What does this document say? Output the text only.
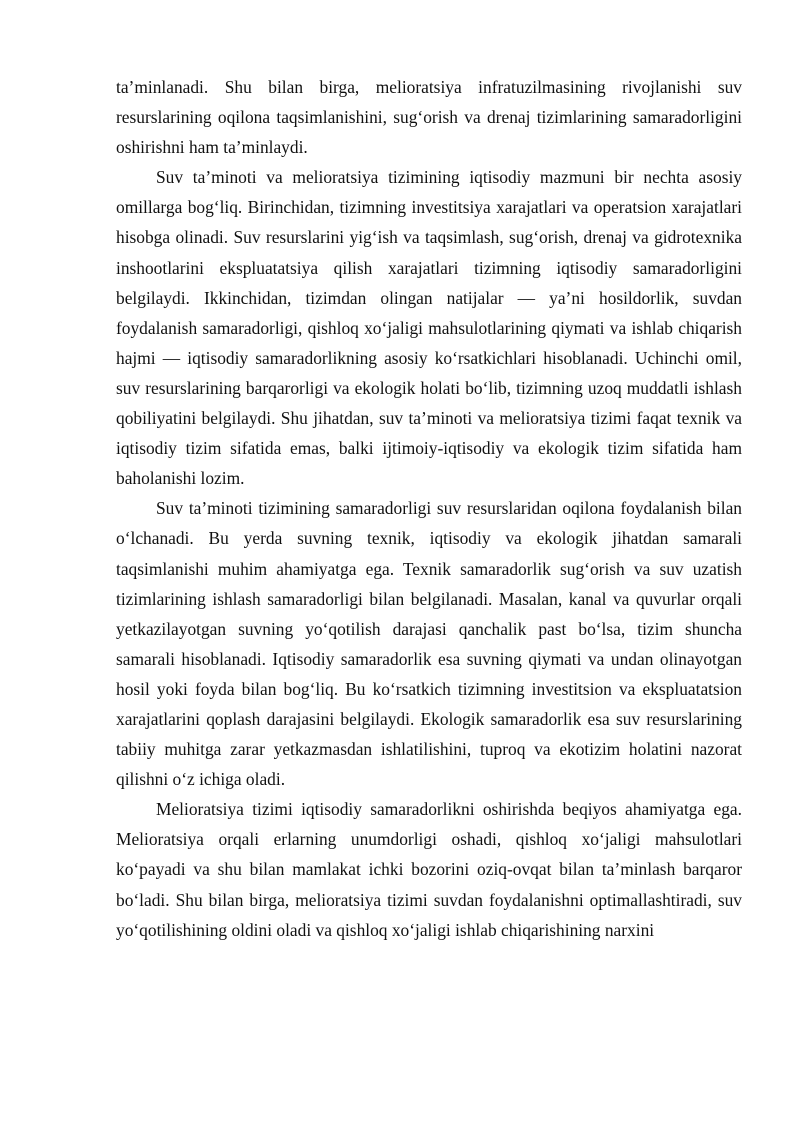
ta’minlanadi. Shu bilan birga, melioratsiya infratuzilmasining rivojlanishi suv resurslarining oqilona taqsimlanishini, sug‘orish va drenaj tizimlarining samaradorligini oshirishni ham ta’minlaydi.

Suv ta’minoti va melioratsiya tizimining iqtisodiy mazmuni bir nechta asosiy omillarga bog‘liq. Birinchidan, tizimning investitsiya xarajatlari va operatsion xarajatlari hisobga olinadi. Suv resurslarini yig‘ish va taqsimlash, sug‘orish, drenaj va gidrotexnika inshootlarini ekspluatatsiya qilish xarajatlari tizimning iqtisodiy samaradorligini belgilaydi. Ikkinchidan, tizimdan olingan natijalar — ya’ni hosildorlik, suvdan foydalanish samaradorligi, qishloq xo‘jaligi mahsulotlarining qiymati va ishlab chiqarish hajmi — iqtisodiy samaradorlikning asosiy ko‘rsatkichlari hisoblanadi. Uchinchi omil, suv resurslarining barqarorligi va ekologik holati bo‘lib, tizimning uzoq muddatli ishlash qobiliyatini belgilaydi. Shu jihatdan, suv ta’minoti va melioratsiya tizimi faqat texnik va iqtisodiy tizim sifatida emas, balki ijtimoiy-iqtisodiy va ekologik tizim sifatida ham baholanishi lozim.

Suv ta’minoti tizimining samaradorligi suv resurslaridan oqilona foydalanish bilan o‘lchanadi. Bu yerda suvning texnik, iqtisodiy va ekologik jihatdan samarali taqsimlanishi muhim ahamiyatga ega. Texnik samaradorlik sug‘orish va suv uzatish tizimlarining ishlash samaradorligi bilan belgilanadi. Masalan, kanal va quvurlar orqali yetkazilayotgan suvning yo‘qotilish darajasi qanchalik past bo‘lsa, tizim shuncha samarali hisoblanadi. Iqtisodiy samaradorlik esa suvning qiymati va undan olinayotgan hosil yoki foyda bilan bog‘liq. Bu ko‘rsatkich tizimning investitsion va ekspluatatsion xarajatlarini qoplash darajasini belgilaydi. Ekologik samaradorlik esa suv resurslarining tabiiy muhitga zarar yetkazmasdan ishlatilishini, tuproq va ekotizim holatini nazorat qilishni o‘z ichiga oladi.

Melioratsiya tizimi iqtisodiy samaradorlikni oshirishda beqiyos ahamiyatga ega. Melioratsiya orqali erlarning unumdorligi oshadi, qishloq xo‘jaligi mahsulotlari ko‘payadi va shu bilan mamlakat ichki bozorini oziq-ovqat bilan ta’minlash barqaror bo‘ladi. Shu bilan birga, melioratsiya tizimi suvdan foydalanishni optimallashtiradi, suv yo‘qotilishining oldini oladi va qishloq xo‘jaligi ishlab chiqarishining narxini
